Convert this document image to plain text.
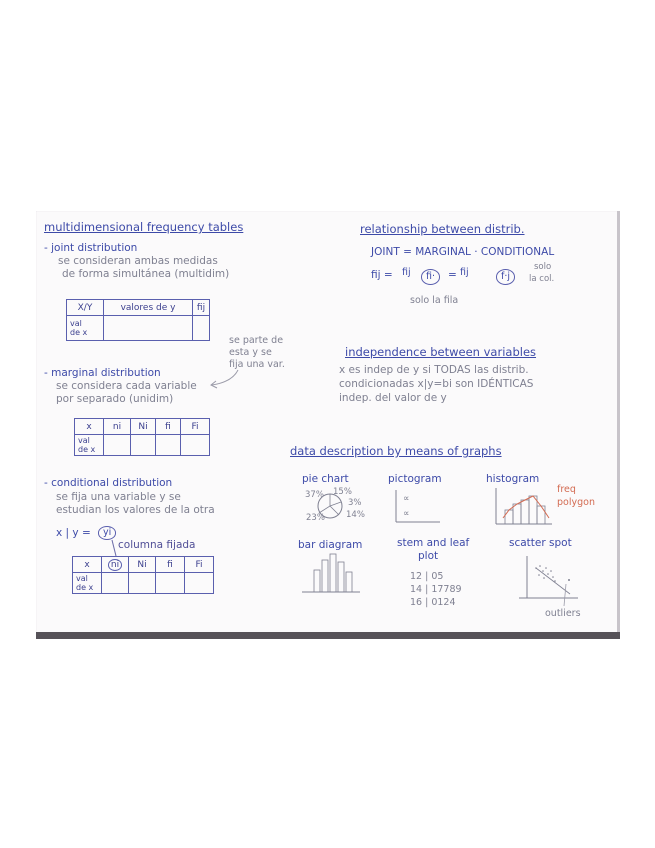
multidimensional frequency tables
- joint distribution
se consideran ambas medidas
de forma simultánea (multidim)
X/Y	valores de y	fij
val
de x		
se parte de
esta y se
fija una var.
- marginal distribution
se considera cada variable
por separado (unidim)
x	ni	Ni	fi	Fi
val
de x				
- conditional distribution
se fija una variable y se
estudian los valores de la otra
x | y =	yi
columna fijada
x	ni	Ni	fi	Fi
val
de x				
relationship between distrib.
JOINT = MARGINAL · CONDITIONAL
fij = fij	fi·	= fij	f·j
solo
la col.
solo la fila
independence between variables
x es indep de y si TODAS las distrib.
condicionadas x|y=bi son IDÉNTICAS
indep. del valor de y
data description by means of graphs
pie chart	pictogram	histogram
freq
polygon
37% 15%
3%
23% 14%
∝
∝
bar diagram	stem and leaf
plot
12 | 05
14 | 17789
16 | 0124
scatter spot
outliers
